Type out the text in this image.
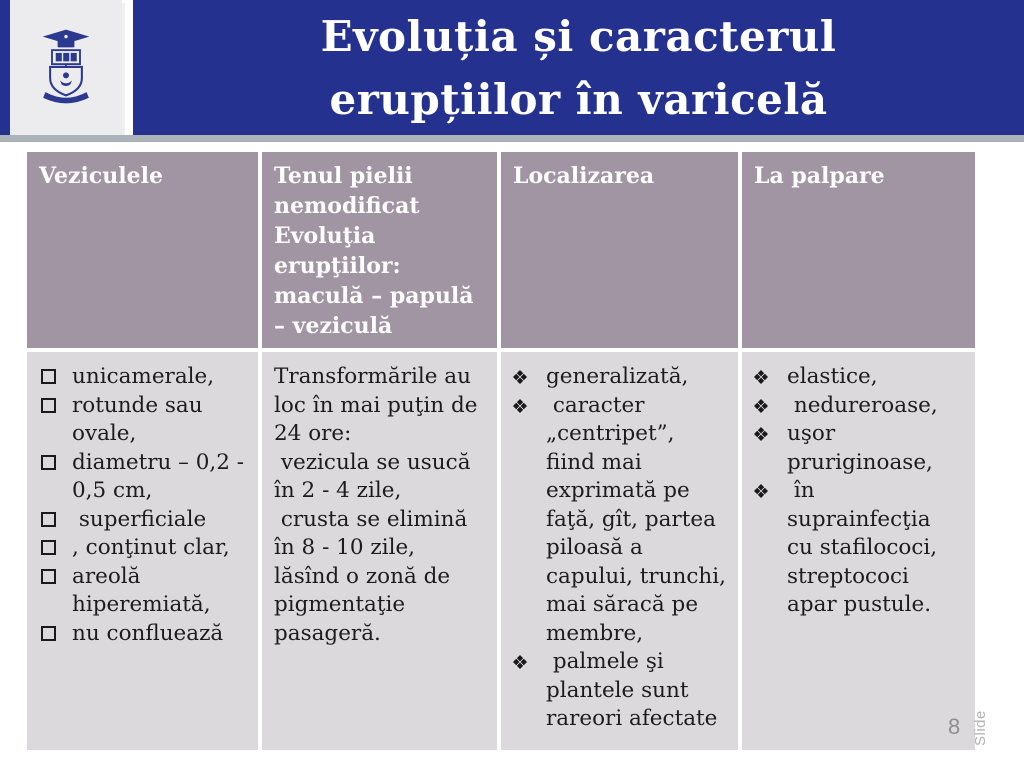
Evoluția și caracterul
erupțiilor în varicelă
Veziculele	Tenul pielii nemodificat
Evoluţia erupţiilor: maculă – papulă – veziculă
Localizarea	La palpare
unicamerale,
rotunde sau ovale,
diametru – 0,2 - 0,5 cm,
superficiale
, conţinut clar,
areolă hiperemiată,
nu confluează
Transformările au loc în mai puţin de 24 ore:
vezicula se usucă în 2 - 4 zile,
crusta se elimină în 8 - 10 zile, lăsînd o zonă de pigmentaţie pasageră.
generalizată,
caracter „centripet”, fiind mai exprimată pe faţă, gît, partea piloasă a capului, trunchi, mai săracă pe membre,
palmele şi plantele sunt rareori afectate
elastice,
nedureroase,
uşor pruriginoase,
în suprainfecţia cu stafilococi, streptococi apar pustule.
8 Slide
